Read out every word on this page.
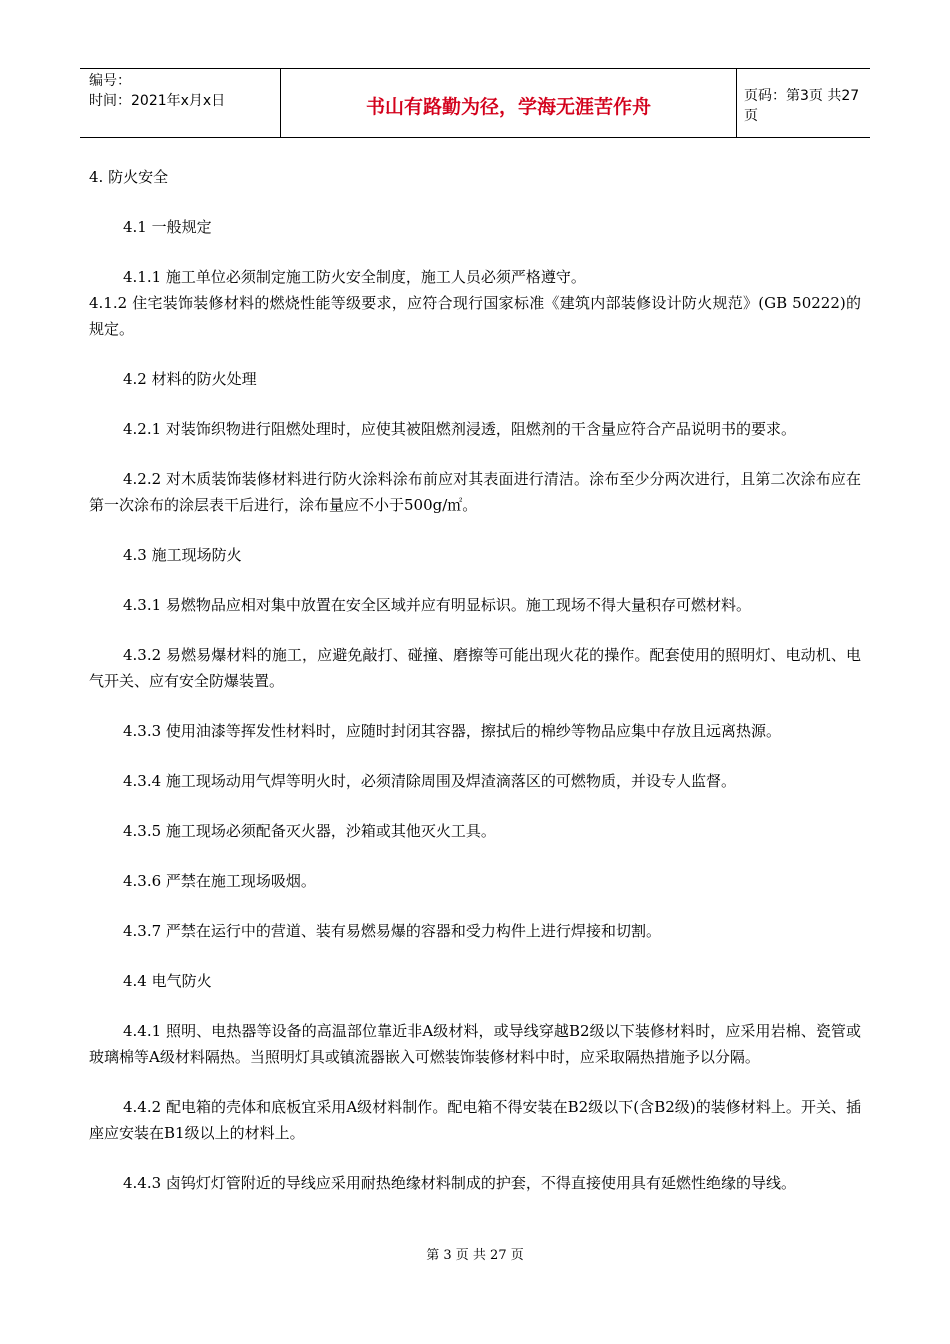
编号：
时间：2021年x月x日	书山有路勤为径，学海无涯苦作舟	页码：第3页 共27页

4. 防火安全

4.1 一般规定

4.1.1 施工单位必须制定施工防火安全制度，施工人员必须严格遵守。

4.1.2 住宅装饰装修材料的燃烧性能等级要求，应符合现行国家标准《建筑内部装修设计防火规范》(GB 50222)的规定。

4.2 材料的防火处理

4.2.1 对装饰织物进行阻燃处理时，应使其被阻燃剂浸透，阻燃剂的干含量应符合产品说明书的要求。

4.2.2 对木质装饰装修材料进行防火涂料涂布前应对其表面进行清洁。涂布至少分两次进行，且第二次涂布应在第一次涂布的涂层表干后进行，涂布量应不小于500g/㎡。

4.3 施工现场防火

4.3.1 易燃物品应相对集中放置在安全区域并应有明显标识。施工现场不得大量积存可燃材料。

4.3.2 易燃易爆材料的施工，应避免敲打、碰撞、磨擦等可能出现火花的操作。配套使用的照明灯、电动机、电气开关、应有安全防爆装置。

4.3.3 使用油漆等挥发性材料时，应随时封闭其容器，擦拭后的棉纱等物品应集中存放且远离热源。

4.3.4 施工现场动用气焊等明火时，必须清除周围及焊渣滴落区的可燃物质，并设专人监督。

4.3.5 施工现场必须配备灭火器，沙箱或其他灭火工具。

4.3.6 严禁在施工现场吸烟。

4.3.7 严禁在运行中的营道、装有易燃易爆的容器和受力构件上进行焊接和切割。

4.4 电气防火

4.4.1 照明、电热器等设备的高温部位靠近非A级材料，或导线穿越B2级以下装修材料时，应采用岩棉、瓷管或玻璃棉等A级材料隔热。当照明灯具或镇流器嵌入可燃装饰装修材料中时，应采取隔热措施予以分隔。

4.4.2 配电箱的壳体和底板宜采用A级材料制作。配电箱不得安装在B2级以下(含B2级)的装修材料上。开关、插座应安装在B1级以上的材料上。

4.4.3 卤钨灯灯管附近的导线应采用耐热绝缘材料制成的护套，不得直接使用具有延燃性绝缘的导线。

第 3 页 共 27 页
